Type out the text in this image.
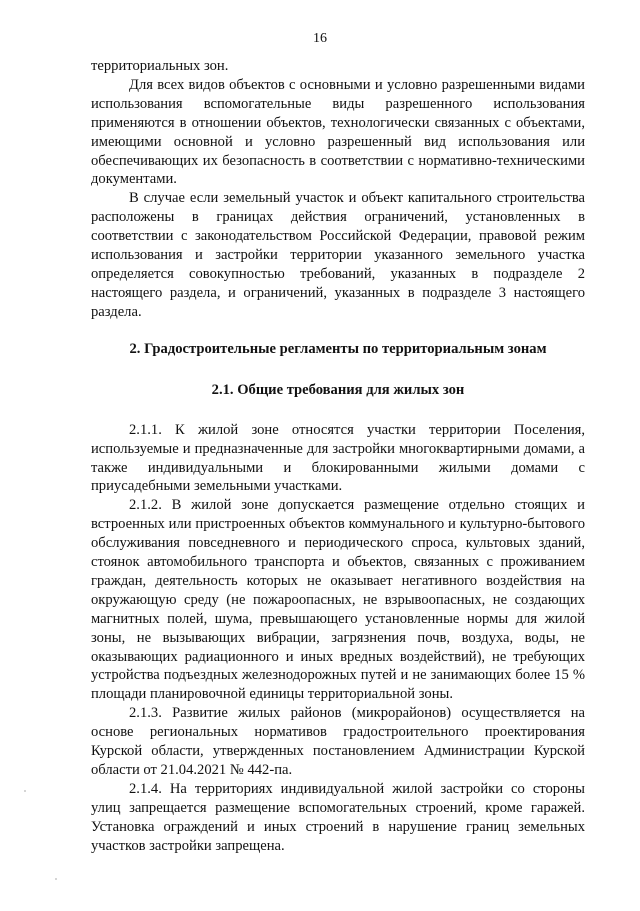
16

территориальных зон.

Для всех видов объектов с основными и условно разрешенными видами использования вспомогательные виды разрешенного использования применяются в отношении объектов, технологически связанных с объектами, имеющими основной и условно разрешенный вид использования или обеспечивающих их безопасность в соответствии с нормативно-техническими документами.

В случае если земельный участок и объект капитального строительства расположены в границах действия ограничений, установленных в соответствии с законодательством Российской Федерации, правовой режим использования и застройки территории указанного земельного участка определяется совокупностью требований, указанных в подразделе 2 настоящего раздела, и ограничений, указанных в подразделе 3 настоящего раздела.

2. Градостроительные регламенты по территориальным зонам
2.1. Общие требования для жилых зон

2.1.1. К жилой зоне относятся участки территории Поселения, используемые и предназначенные для застройки многоквартирными домами, а также индивидуальными и блокированными жилыми домами с приусадебными земельными участками.

2.1.2. В жилой зоне допускается размещение отдельно стоящих и встроенных или пристроенных объектов коммунального и культурно-бытового обслуживания повседневного и периодического спроса, культовых зданий, стоянок автомобильного транспорта и объектов, связанных с проживанием граждан, деятельность которых не оказывает негативного воздействия на окружающую среду (не пожароопасных, не взрывоопасных, не создающих магнитных полей, шума, превышающего установленные нормы для жилой зоны, не вызывающих вибрации, загрязнения почв, воздуха, воды, не оказывающих радиационного и иных вредных воздействий), не требующих устройства подъездных железнодорожных путей и не занимающих более 15 % площади планировочной единицы территориальной зоны.

2.1.3. Развитие жилых районов (микрорайонов) осуществляется на основе региональных нормативов градостроительного проектирования Курской области, утвержденных постановлением Администрации Курской области от 21.04.2021 № 442-па.

2.1.4. На территориях индивидуальной жилой застройки со стороны улиц запрещается размещение вспомогательных строений, кроме гаражей. Установка ограждений и иных строений в нарушение границ земельных участков застройки запрещена.
